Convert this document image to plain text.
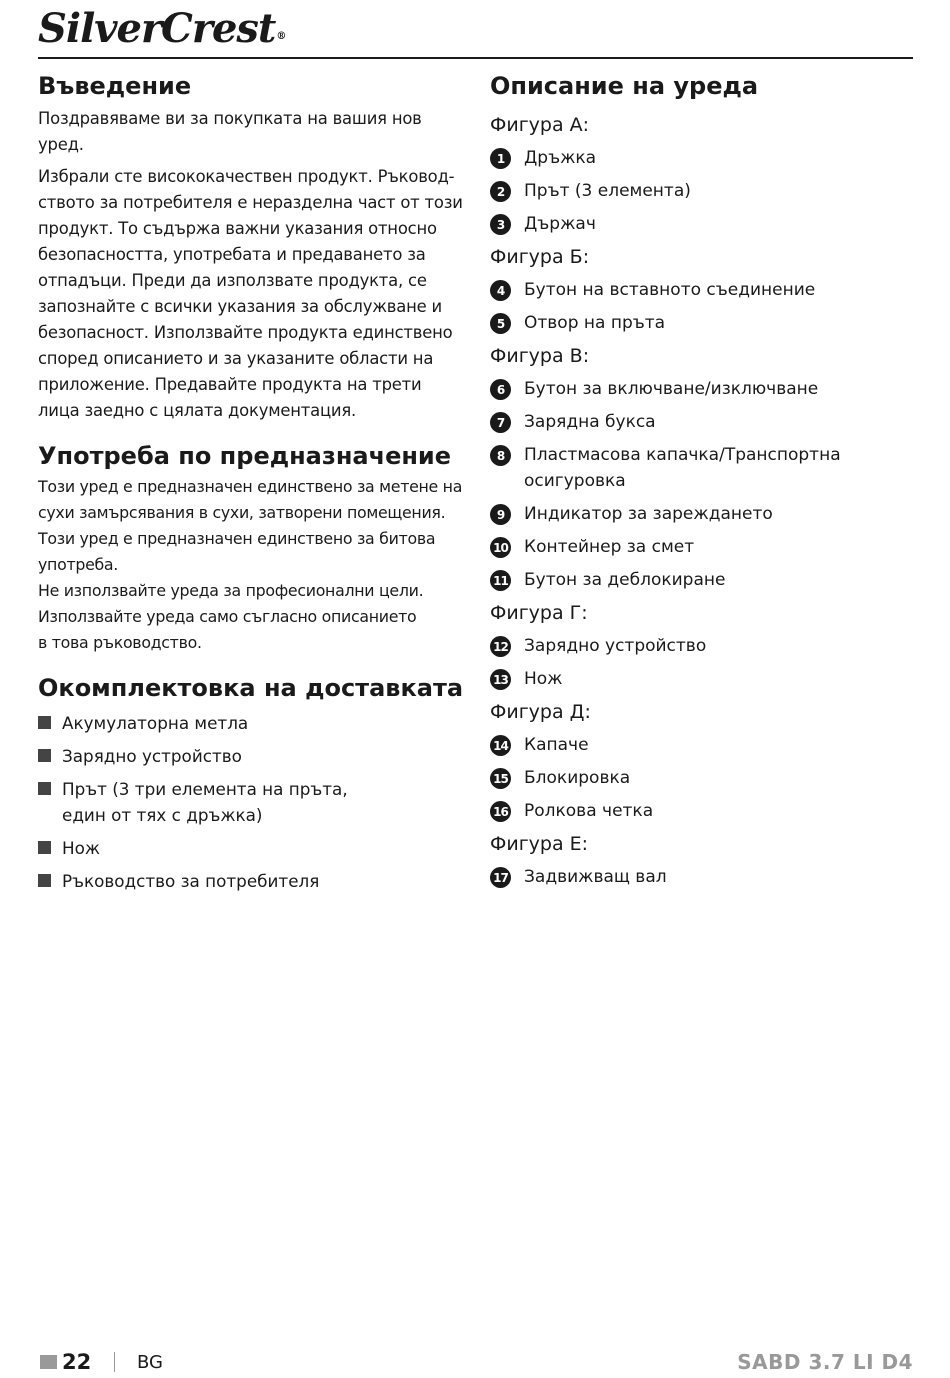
SilverCrest®
Въведение
Поздравяваме ви за покупката на вашия нов уред.
Избрали сте висококачествен продукт. Ръковод-
ството за потребителя е неразделна част от този
продукт. То съдържа важни указания относно
безопасността, употребата и предаването за
отпадъци. Преди да използвате продукта, се
запознайте с всички указания за обслужване и
безопасност. Използвайте продукта единствено
според описанието и за указаните области на
приложение. Предавайте продукта на трети
лица заедно с цялата документация.
Употреба по предназначение
Този уред е предназначен единствено за метене на
сухи замърсявания в сухи, затворени помещения.
Този уред е предназначен единствено за битова
употреба.
Не използвайте уреда за професионални цели.
Използвайте уреда само съгласно описанието
в това ръководство.
Окомплектовка на доставката
Акумулаторна метла
Зарядно устройство
Прът (3 три елемента на пръта,
един от тях с дръжка)
Нож
Ръководство за потребителя
Описание на уреда
Фигура А:
1	Дръжка
2	Прът (3 елемента)
3	Държач
Фигура Б:
4	Бутон на вставното съединение
5	Отвор на пръта
Фигура В:
6	Бутон за включване/изключване
7	Зарядна букса
8	Пластмасова капачка/Транспортна
осигуровка
9	Индикатор за зареждането
10 Контейнер за смет
11 Бутон за деблокиране
Фигура Г:
12 Зарядно устройство
13 Нож
Фигура Д:
14 Капаче
15 Блокировка
16 Ролкова четка
Фигура Е:
17 Задвижващ вал
22	BG	SABD 3.7 LI D4
